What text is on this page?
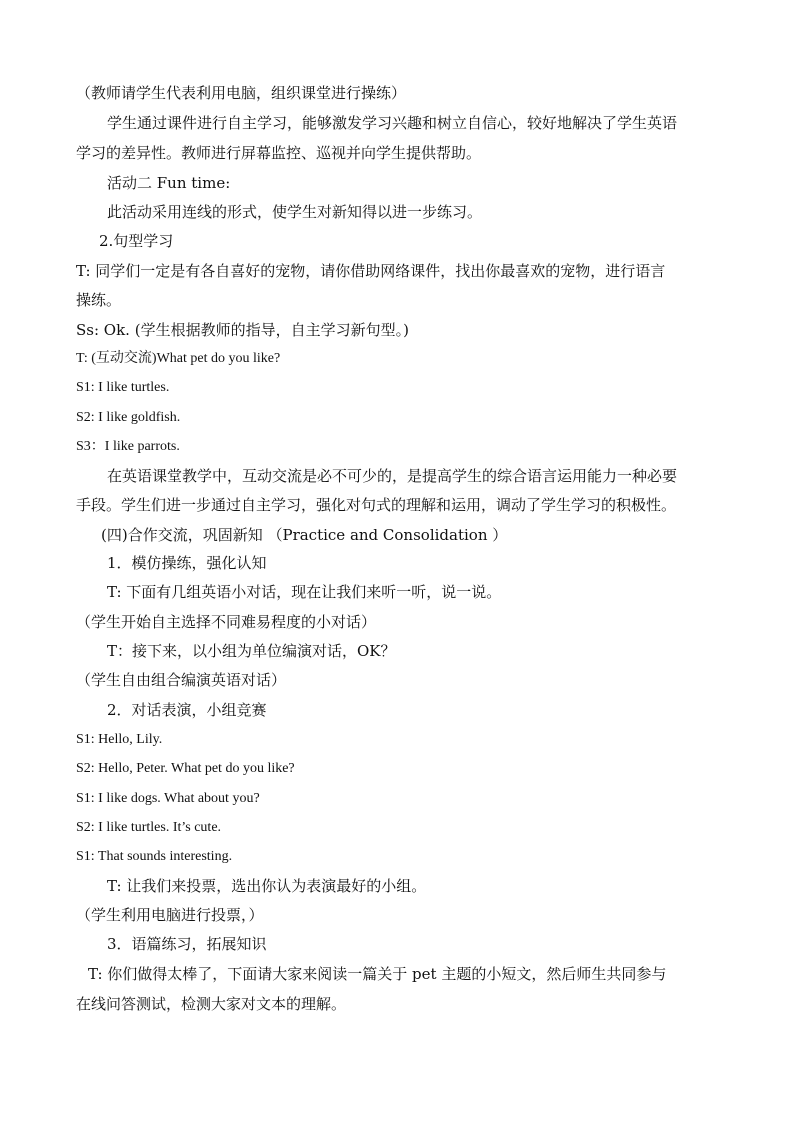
（教师请学生代表利用电脑，组织课堂进行操练）
学生通过课件进行自主学习，能够激发学习兴趣和树立自信心，较好地解决了学生英语
学习的差异性。教师进行屏幕监控、巡视并向学生提供帮助。
活动二 Fun time:
此活动采用连线的形式，使学生对新知得以进一步练习。
2.句型学习
T: 同学们一定是有各自喜好的宠物，请你借助网络课件，找出你最喜欢的宠物，进行语言
操练。
Ss: Ok. (学生根据教师的指导，自主学习新句型。)
T: (互动交流)What pet do you like?
S1: I like turtles.
S2: I like goldfish.
S3：I like parrots.
在英语课堂教学中，互动交流是必不可少的，是提高学生的综合语言运用能力一种必要
手段。学生们进一步通过自主学习，强化对句式的理解和运用，调动了学生学习的积极性。
(四)合作交流，巩固新知 （Practice and Consolidation ）
1．模仿操练，强化认知
T: 下面有几组英语小对话，现在让我们来听一听，说一说。
（学生开始自主选择不同难易程度的小对话）
T：接下来，以小组为单位编演对话，OK？
（学生自由组合编演英语对话）
2．对话表演，小组竞赛
S1: Hello, Lily.
S2: Hello, Peter. What pet do you like?
S1: I like dogs. What about you?
S2: I like turtles. It’s cute.
S1: That sounds interesting.
T: 让我们来投票，选出你认为表演最好的小组。
（学生利用电脑进行投票，）
3．语篇练习，拓展知识
T: 你们做得太棒了，下面请大家来阅读一篇关于 pet 主题的小短文，然后师生共同参与
在线问答测试，检测大家对文本的理解。
